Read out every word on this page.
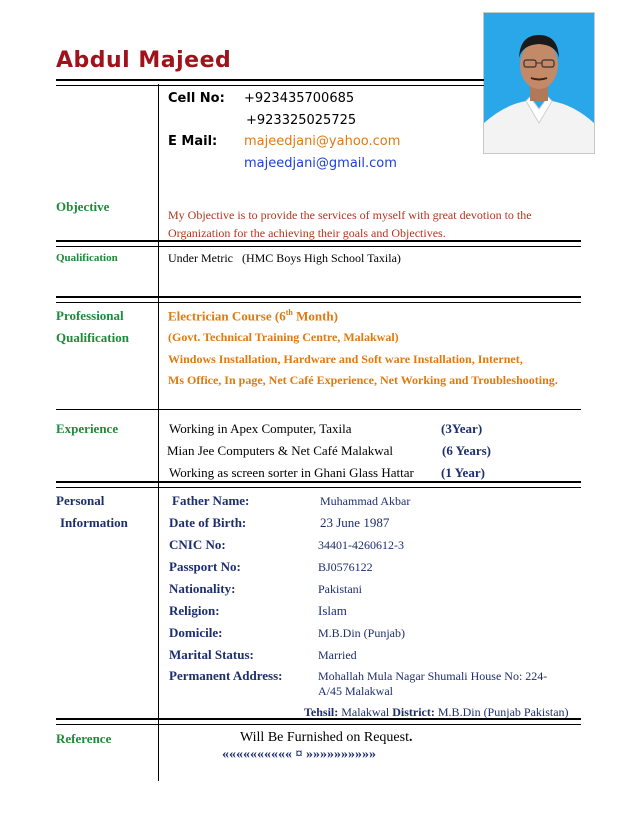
Abdul Majeed
Cell No: +923435700685
+923325025725
E Mail: majeedjani@yahoo.com
majeedjani@gmail.com
Objective
My Objective is to provide the services of myself with great devotion to the
Organization for the achieving their goals and Objectives.
Qualification	Under Metric   (HMC Boys High School Taxila)
Professional
Qualification
Electrician Course (6th Month)
(Govt. Technical Training Centre, Malakwal)
Windows Installation, Hardware and Soft ware Installation, Internet,
Ms Office, In page, Net Café Experience, Net Working and Troubleshooting.
Experience	Working in Apex Computer, Taxila	(3Year)
Mian Jee Computers & Net Café Malakwal	(6 Years)
Working as screen sorter in Ghani Glass Hattar (1 Year)
Personal
Information
Father Name:	Muhammad Akbar
Date of Birth:	23 June 1987
CNIC No:	34401-4260612-3
Passport No:	BJ0576122
Nationality:	Pakistani
Religion:	Islam
Domicile:	M.B.Din (Punjab)
Marital Status:	Married
Permanent Address:	Mohallah Mula Nagar Shumali House No: 224-
A/45 Malakwal
Tehsil: Malakwal District: M.B.Din (Punjab Pakistan)
Reference	Will Be Furnished on Request.
«««««««««« ¤ »»»»»»»»»»
